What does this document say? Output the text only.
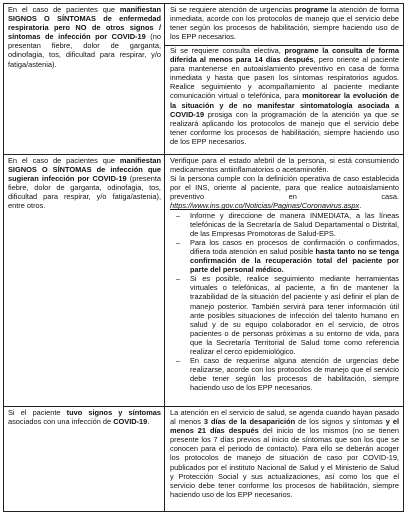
En el caso de pacientes que manifiestan SIGNOS O SÍNTOMAS de enfermedad respiratoria pero NO de otros signos / síntomas de infección por COVID-19 (no presentan fiebre, dolor de garganta, odinofagia, tos, dificultad para respirar, y/o fatiga/astenia).

Si se requiere atención de urgencias programe la atención de forma inmediata, acorde con los protocolos de manejo que el servicio debe tener según los procesos de habilitación, siempre haciendo uso de los EPP necesarios.

Si se requiere consulta electiva, programe la consulta de forma diferida al menos para 14 días después, pero oriente al paciente para mantenerse en autoaislamiento preventivo en casa de forma inmediata y hasta que pasen los síntomas respiratorios agudos. Realice seguimiento y acompañamiento al paciente mediante comunicación virtual o telefónica, para monitorear la evolución de la situación y de no manifestar sintomatología asociada a COVID-19 prosiga con la programación de la atención ya que se realizará aplicando los protocolos de manejo que el servicio debe tener conforme los procesos de habilitación, siempre haciendo uso de los EPP necesarios.

En el caso de pacientes que manifiestan SIGNOS O SÍNTOMAS de infección que sugieran infección por COVID-19 (presenta fiebre, dolor de garganta, odinofagia, tos, dificultad para respirar, y/o fatiga/astenia), entre otros.

Verifique para el estado afebril de la persona, si está consumiendo medicamentos antiinflamatorios o acetaminofén.

Si la persona cumple con la definición operativa de caso establecida por el INS, oriente al paciente, para que realice autoaislamiento preventivo en casa. https://www.ins.gov.co/Noticias/Paginas/Coronavirus.aspx.

– Informe y direccione de manera INMEDIATA, a las líneas telefónicas de la Secretaría de Salud Departamental o Distrital, de las Empresas Promotoras de Salud-EPS.

– Para los casos en procesos de confirmación o confirmados, difiera toda atención en salud posible hasta tanto no se tenga confirmación de la recuperación total del paciente por parte del personal médico.

– Si es posible, realice seguimiento mediante herramientas virtuales o telefónicas, al paciente, a fin de mantener la trazabilidad de la situación del paciente y así definir el plan de manejo posterior. También servirá para tener información útil ante posibles situaciones de infección del talento humano en salud y de su equipo colaborador en el servicio, de otros pacientes o de personas próximas a su entorno de vida, para que la Secretaría Territorial de Salud tome como referencia realizar el cerco epidemiológico.

– En caso de requerirse alguna atención de urgencias debe realizarse, acorde con los protocolos de manejo que el servicio debe tener según los procesos de habilitación, siempre haciendo uso de los EPP necesarios.

Si el paciente tuvo signos y síntomas asociados con una infección de COVID-19.

La atención en el servicio de salud, se agenda cuando hayan pasado al menos 3 días de la desaparición de los signos y síntomas y el menos 21 días después del inicio de los mismos (no se tienen presente los 7 días previos al inicio de síntomas que son los que se conocen para el periodo de contacto). Para ello se deberán acoger los protocolos de manejo de situación de caso por COVID-19, publicados por el instituto Nacional de Salud y el Ministerio de Salud y Protección Social y sus actualizaciones, así como los que el servicio debe tener conforme los procesos de habilitación, siempre haciendo uso de los EPP necesarios.
